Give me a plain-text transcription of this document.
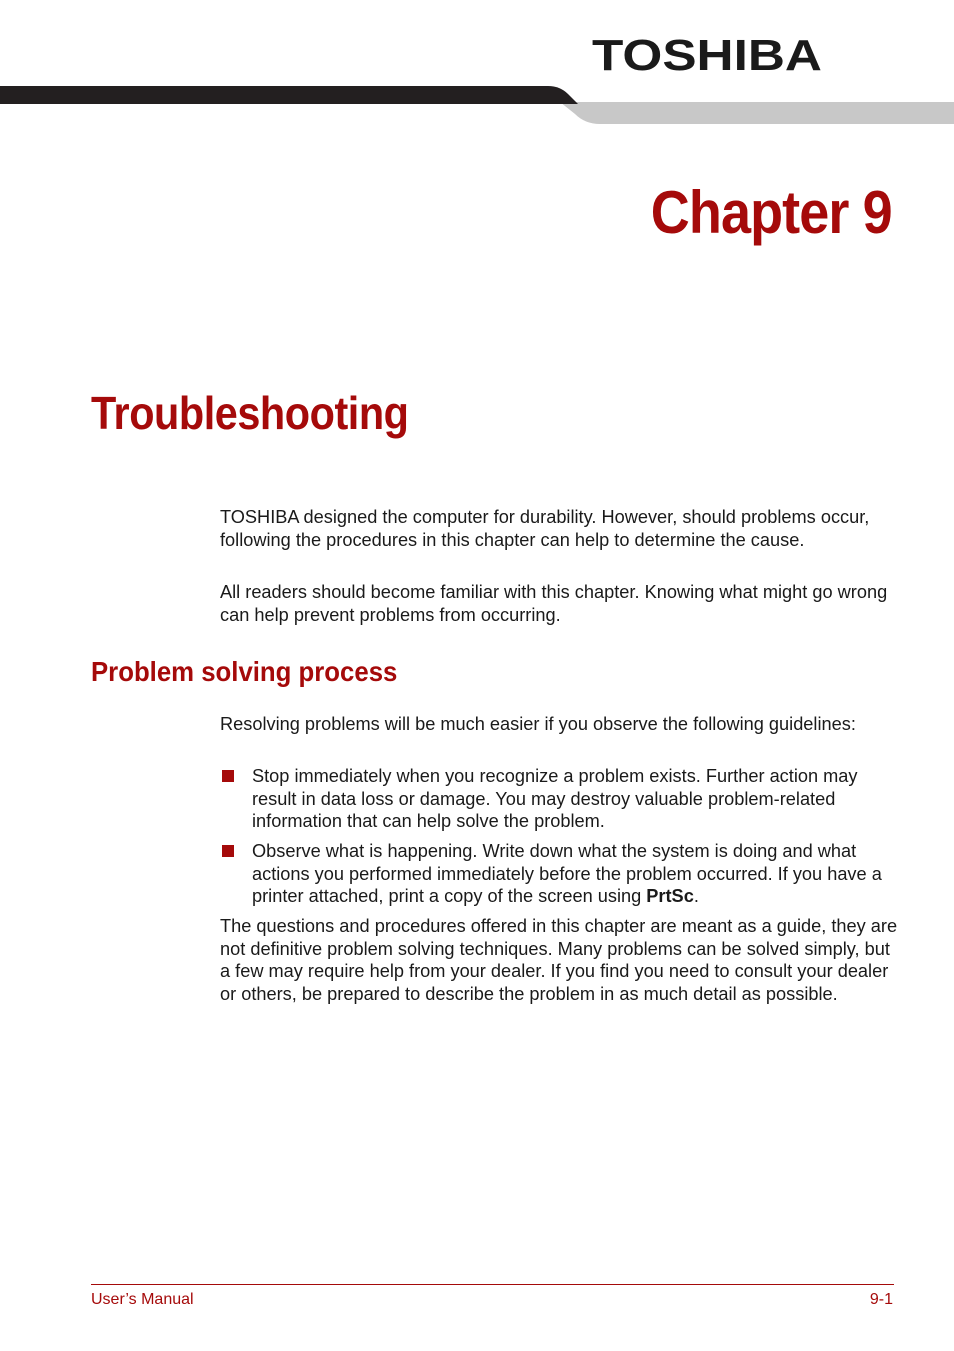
TOSHIBA
Chapter 9
Troubleshooting

TOSHIBA designed the computer for durability. However, should problems occur, following the procedures in this chapter can help to determine the cause.

All readers should become familiar with this chapter. Knowing what might go wrong can help prevent problems from occurring.

Problem solving process

Resolving problems will be much easier if you observe the following guidelines:

Stop immediately when you recognize a problem exists. Further action may result in data loss or damage. You may destroy valuable problem-related information that can help solve the problem.
Observe what is happening. Write down what the system is doing and what actions you performed immediately before the problem occurred. If you have a printer attached, print a copy of the screen using PrtSc.

The questions and procedures offered in this chapter are meant as a guide, they are not definitive problem solving techniques. Many problems can be solved simply, but a few may require help from your dealer. If you find you need to consult your dealer or others, be prepared to describe the problem in as much detail as possible.

User’s Manual	9-1
